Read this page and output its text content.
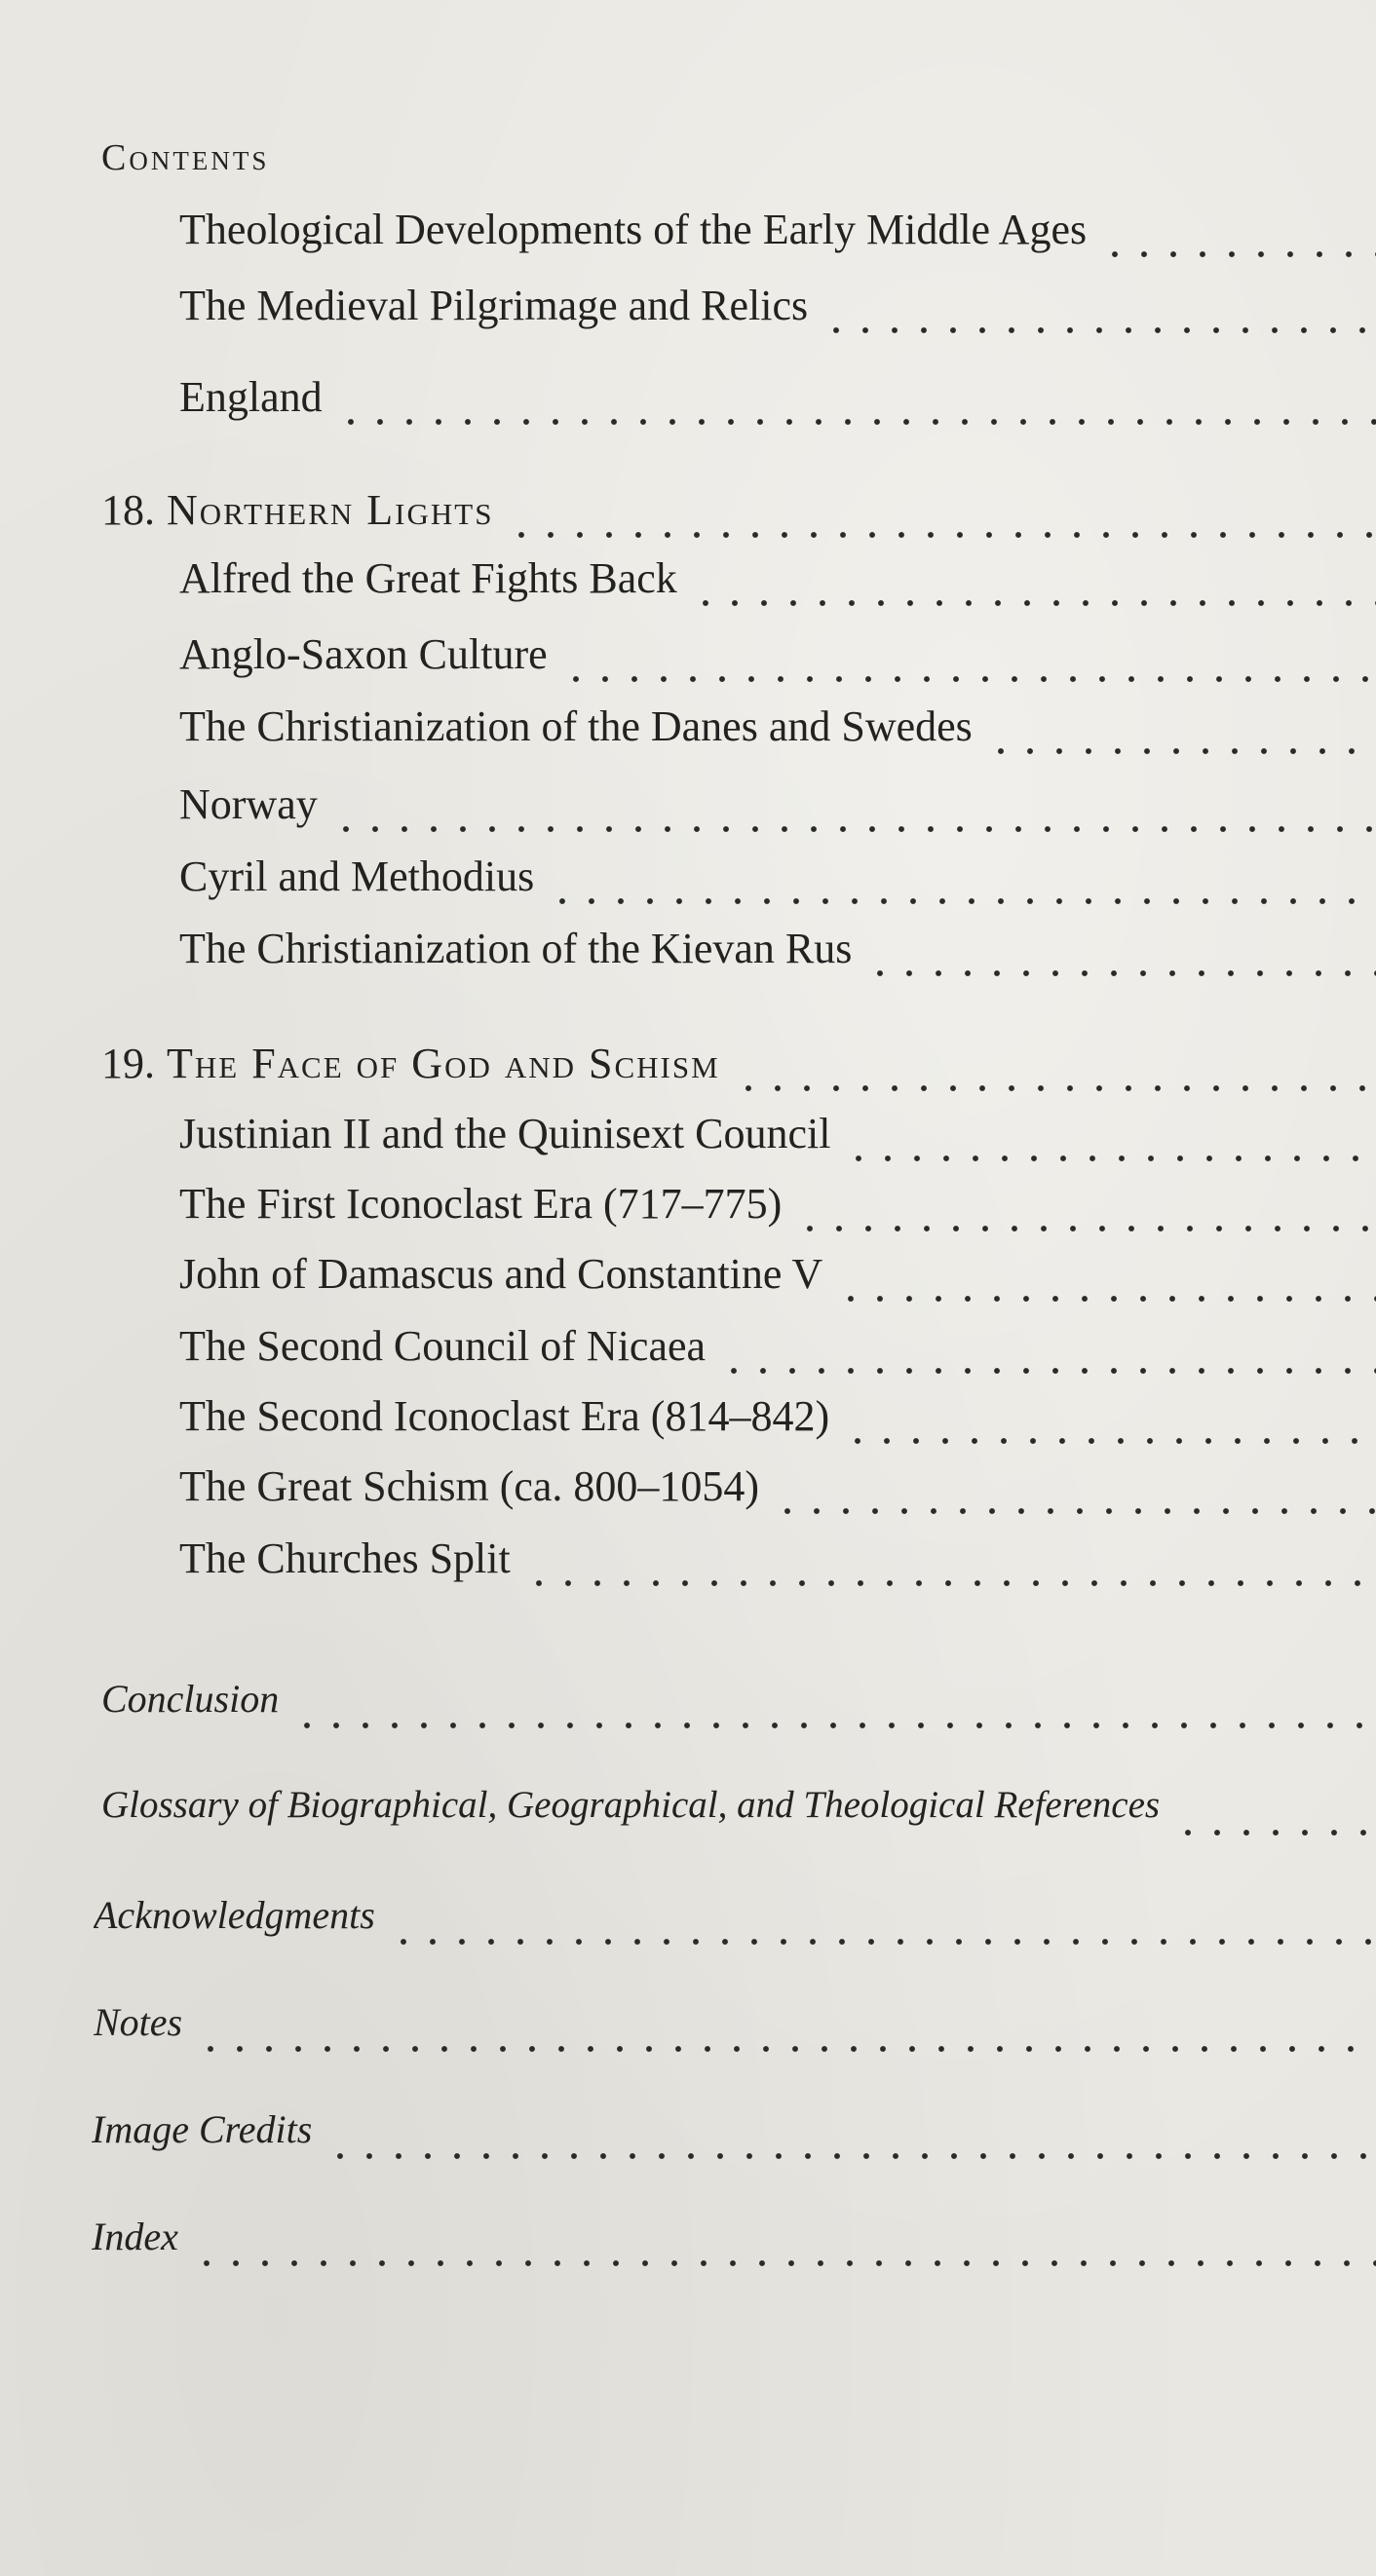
Contents
Theological Developments of the Early Middle Ages
The Medieval Pilgrimage and Relics
England
18. Northern Lights
Alfred the Great Fights Back
Anglo-Saxon Culture
The Christianization of the Danes and Swedes
Norway
Cyril and Methodius
The Christianization of the Kievan Rus
19. The Face of God and Schism
Justinian II and the Quinisext Council
The First Iconoclast Era (717–775)
John of Damascus and Constantine V
The Second Council of Nicaea
The Second Iconoclast Era (814–842)
The Great Schism (ca. 800–1054)
The Churches Split
Conclusion
Glossary of Biographical, Geographical, and Theological References
Acknowledgments
Notes
Image Credits
Index
